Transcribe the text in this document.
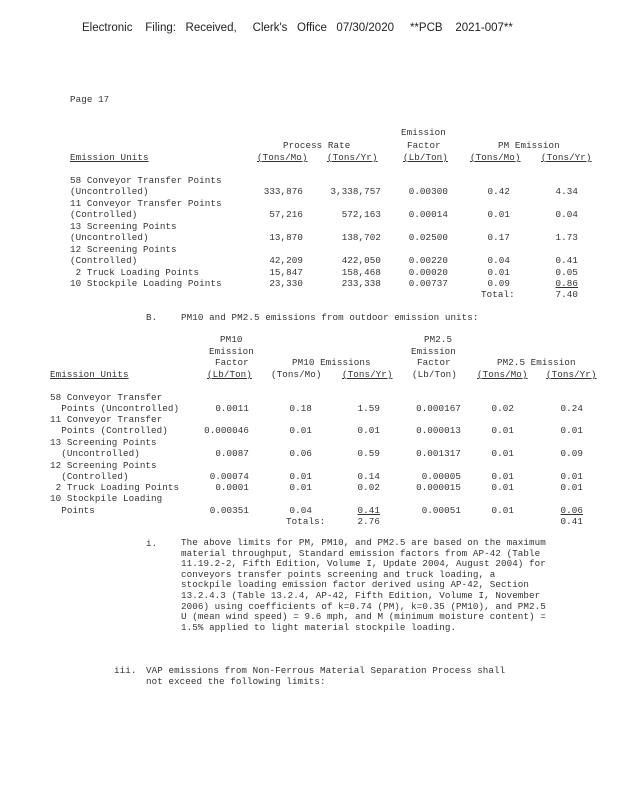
Electronic    Filing:   Received,     Clerk's   Office   07/30/2020     **PCB    2021-007**
Page 17
Emission
Process Rate	Factor	PM Emission
Emission Units	(Tons/Mo) (Tons/Yr)	(Lb/Ton) (Tons/Mo) (Tons/Yr)
58 Conveyor Transfer Points
(Uncontrolled)	333,876	3,338,757	0.00300	0.42	4.34
11 Conveyor Transfer Points
(Controlled)	57,216	572,163	0.00014	0.01	0.04
13 Screening Points
(Uncontrolled)	13,870	138,702	0.02500	0.17	1.73
12 Screening Points
(Controlled)	42,209	422,050	0.00220	0.04	0.41
2 Truck Loading Points	15,847	158,468	0.00020	0.01	0.05
10 Stockpile Loading Points	23,330	233,338	0.00737	0.09	0.86
Total:	7.40
B.	PM10 and PM2.5 emissions from outdoor emission units:
PM10	PM2.5
Emission	Emission
Factor	PM10 Emissions	Factor	PM2.5 Emission
Emission Units	(Lb/Ton) (Tons/Mo) (Tons/Yr) (Lb/Ton) (Tons/Mo) (Tons/Yr)
58 Conveyor Transfer
Points (Uncontrolled)	0.0011	0.18	1.59	0.000167	0.02	0.24
11 Conveyor Transfer
Points (Controlled)	0.000046	0.01	0.01	0.000013	0.01	0.01
13 Screening Points
(Uncontrolled)	0.0087	0.06	0.59	0.001317	0.01	0.09
12 Screening Points
(Controlled)	0.00074	0.01	0.14	0.00005	0.01	0.01
2 Truck Loading Points	0.0001	0.01	0.02	0.000015	0.01	0.01
10 Stockpile Loading
Points	0.00351	0.04	0.41	0.00051	0.01	0.06
Totals:	2.76	0.41
i.	The above limits for PM, PM10, and PM2.5 are based on the maximum material throughput, Standard emission factors from AP-42 (Table 11.19.2-2, Fifth Edition, Volume I, Update 2004, August 2004) for conveyors transfer points screening and truck loading, a stockpile loading emission factor derived using AP-42, Section 13.2.4.3 (Table 13.2.4, AP-42, Fifth Edition, Volume I, November 2006) using coefficients of k=0.74 (PM), k=0.35 (PM10), and PM2.5 U (mean wind speed) = 9.6 mph, and M (minimum moisture content) = 1.5% applied to light material stockpile loading.
iii. VAP emissions from Non-Ferrous Material Separation Process shall
not exceed the following limits:
